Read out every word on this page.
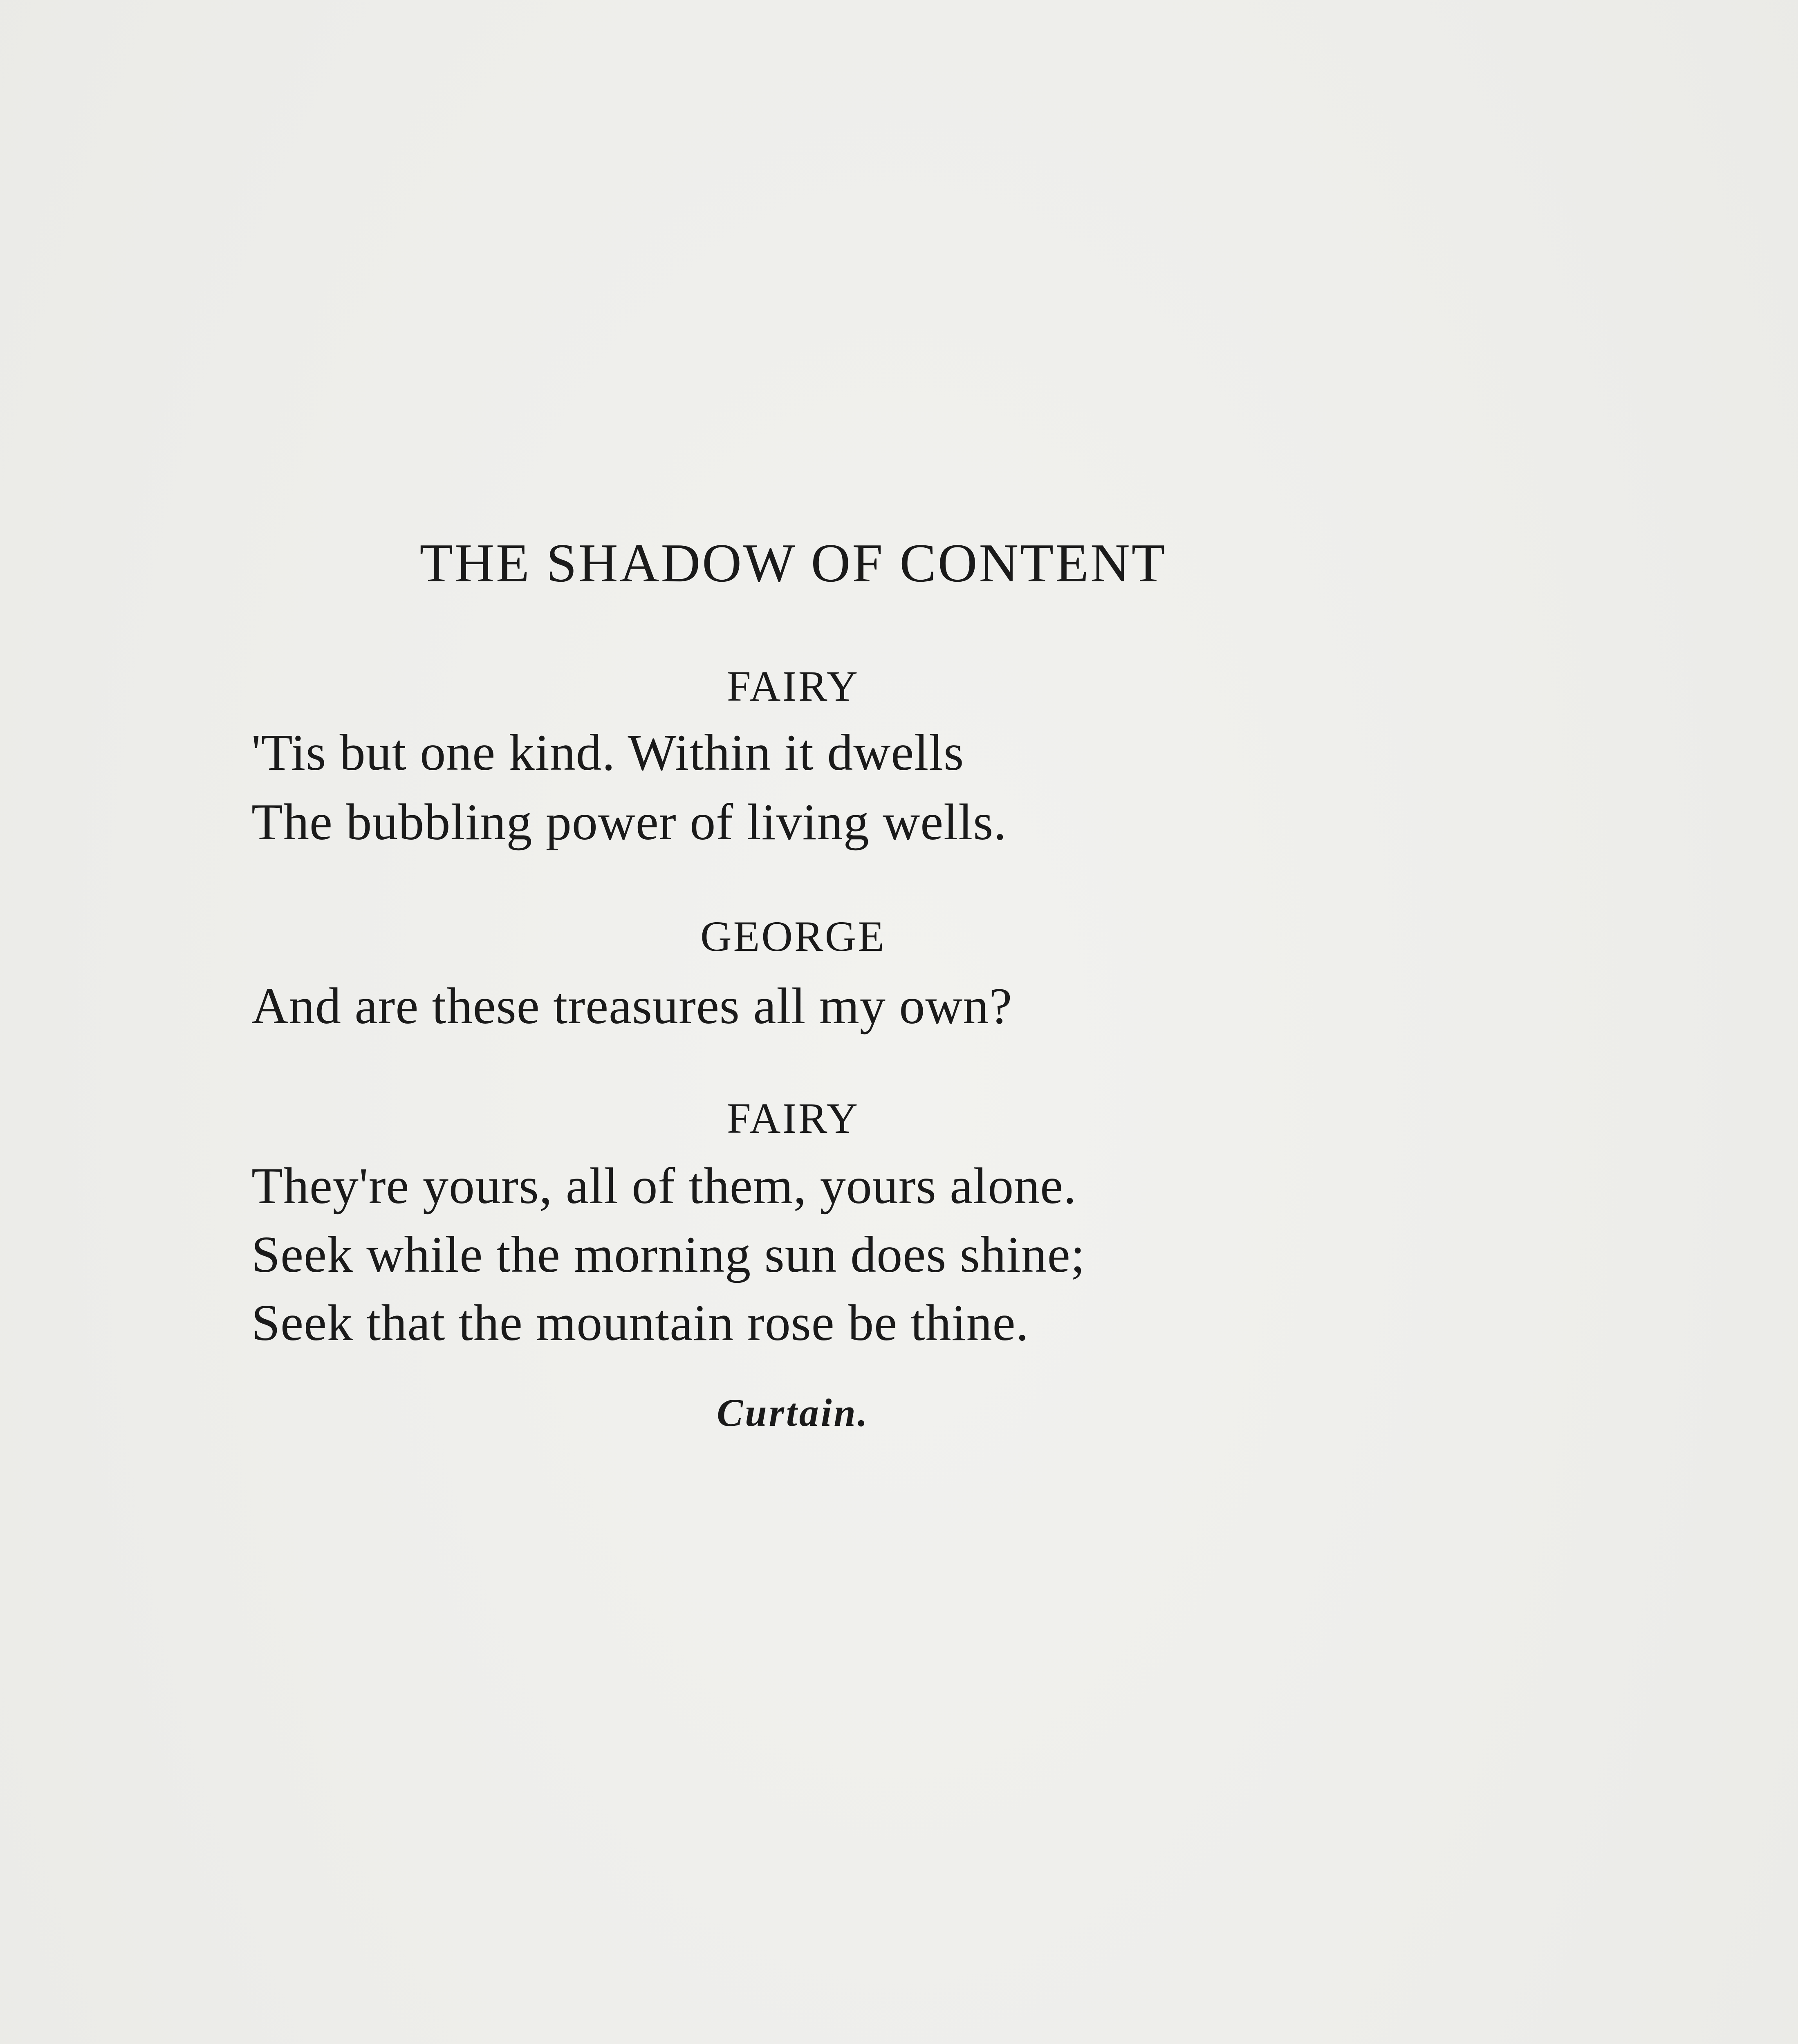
THE SHADOW OF CONTENT
FAIRY
'Tis but one kind. Within it dwells
The bubbling power of living wells.
GEORGE
And are these treasures all my own?
FAIRY
They're yours, all of them, yours alone.
Seek while the morning sun does shine;
Seek that the mountain rose be thine.
Curtain.
